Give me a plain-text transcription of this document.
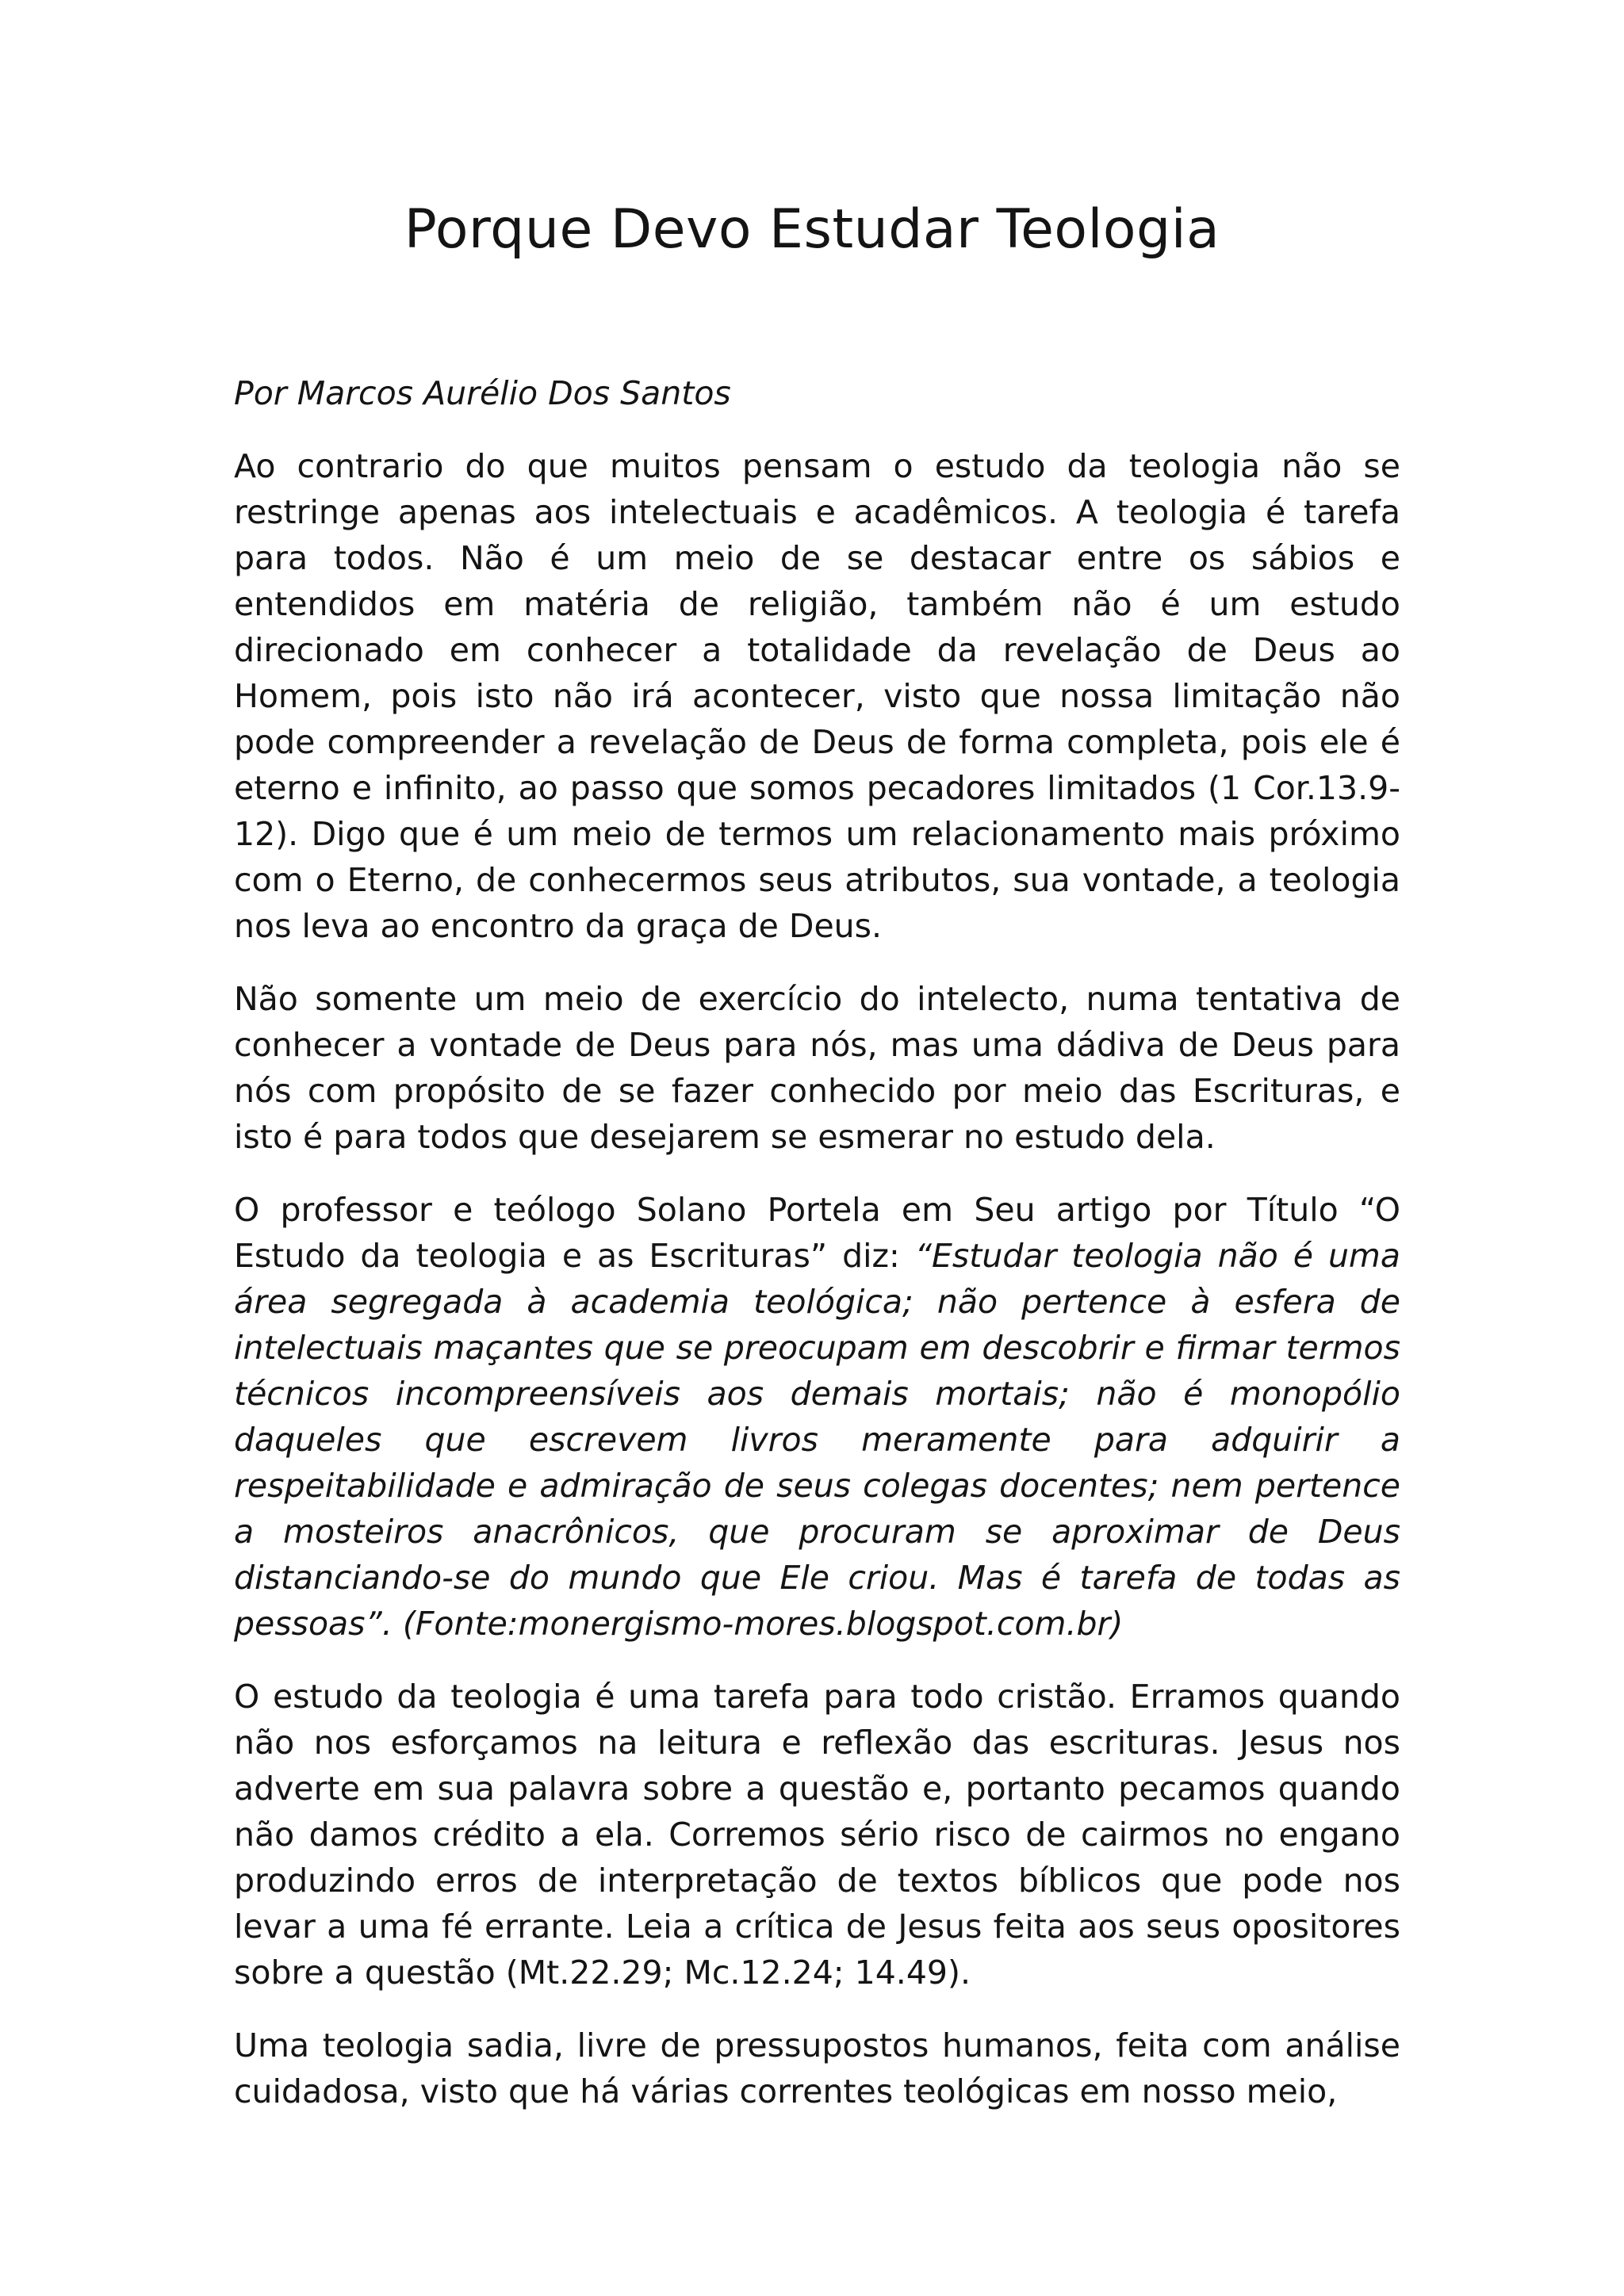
Porque Devo Estudar Teologia

Por Marcos Aurélio Dos Santos

Ao contrario do que muitos pensam o estudo da teologia não se restringe apenas aos intelectuais e acadêmicos. A teologia é tarefa para todos. Não é um meio de se destacar entre os sábios e entendidos em matéria de religião, também não é um estudo direcionado em conhecer a totalidade da revelação de Deus ao Homem, pois isto não irá acontecer, visto que nossa limitação não pode compreender a revelação de Deus de forma completa, pois ele é eterno e infinito, ao passo que somos pecadores limitados (1 Cor.13.9-12). Digo que é um meio de termos um relacionamento mais próximo com o Eterno, de conhecermos seus atributos, sua vontade, a teologia nos leva ao encontro da graça de Deus.

Não somente um meio de exercício do intelecto, numa tentativa de conhecer a vontade de Deus para nós, mas uma dádiva de Deus para nós com propósito de se fazer conhecido por meio das Escrituras, e isto é para todos que desejarem se esmerar no estudo dela.

O professor e teólogo Solano Portela em Seu artigo por Título “O Estudo da teologia e as Escrituras” diz: “Estudar teologia não é uma área segregada à academia teológica; não pertence à esfera de intelectuais maçantes que se preocupam em descobrir e firmar termos técnicos incompreensíveis aos demais mortais; não é monopólio daqueles que escrevem livros meramente para adquirir a respeitabilidade e admiração de seus colegas docentes; nem pertence a mosteiros anacrônicos, que procuram se aproximar de Deus distanciando-se do mundo que Ele criou. Mas é tarefa de todas as pessoas”. (Fonte:monergismo-mores.blogspot.com.br)

O estudo da teologia é uma tarefa para todo cristão. Erramos quando não nos esforçamos na leitura e reflexão das escrituras. Jesus nos adverte em sua palavra sobre a questão e, portanto pecamos quando não damos crédito a ela. Corremos sério risco de cairmos no engano produzindo erros de interpretação de textos bíblicos que pode nos levar a uma fé errante. Leia a crítica de Jesus feita aos seus opositores sobre a questão (Mt.22.29; Mc.12.24; 14.49).

Uma teologia sadia, livre de pressupostos humanos, feita com análise cuidadosa, visto que há várias correntes teológicas em nosso meio,
